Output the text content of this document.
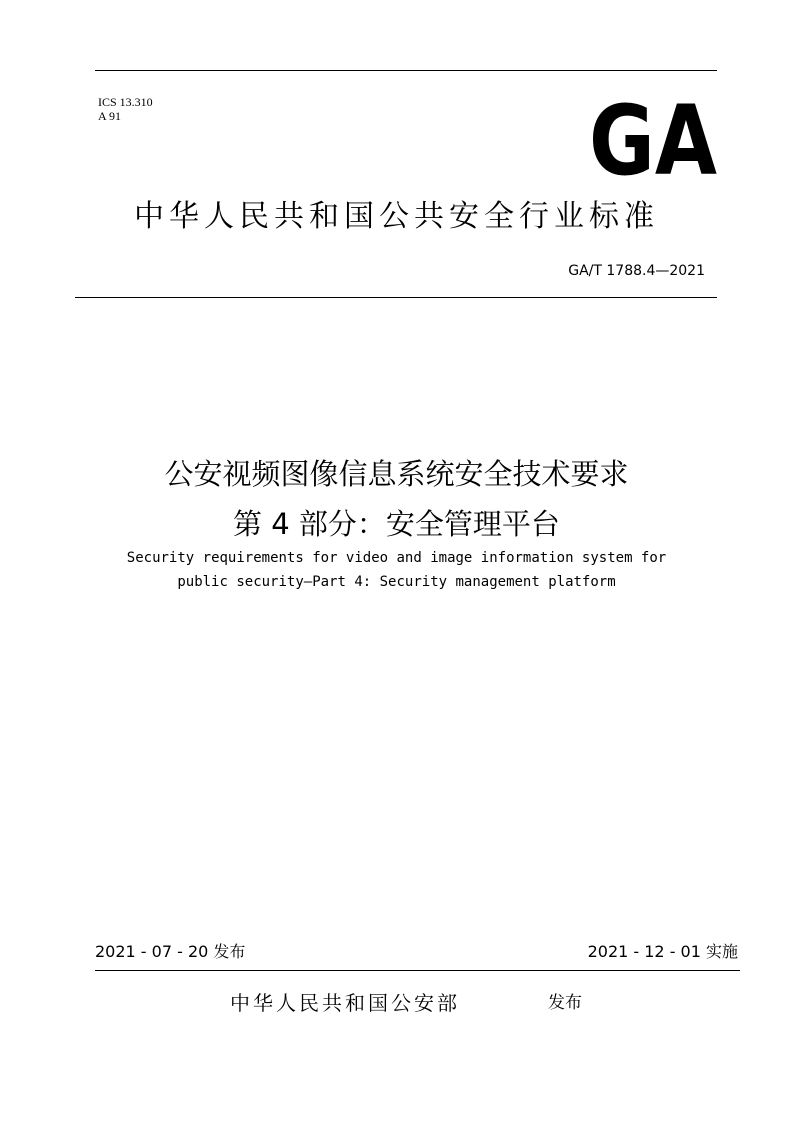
ICS 13.310
A 91	GA
中华人民共和国公共安全行业标准
GA/T 1788.4—2021
公安视频图像信息系统安全技术要求
第 4 部分：安全管理平台
Security requirements for video and image information system for
public security—Part 4: Security management platform
2021 - 07 - 20 发布	2021 - 12 - 01 实施
中华人民共和国公安部	发布
